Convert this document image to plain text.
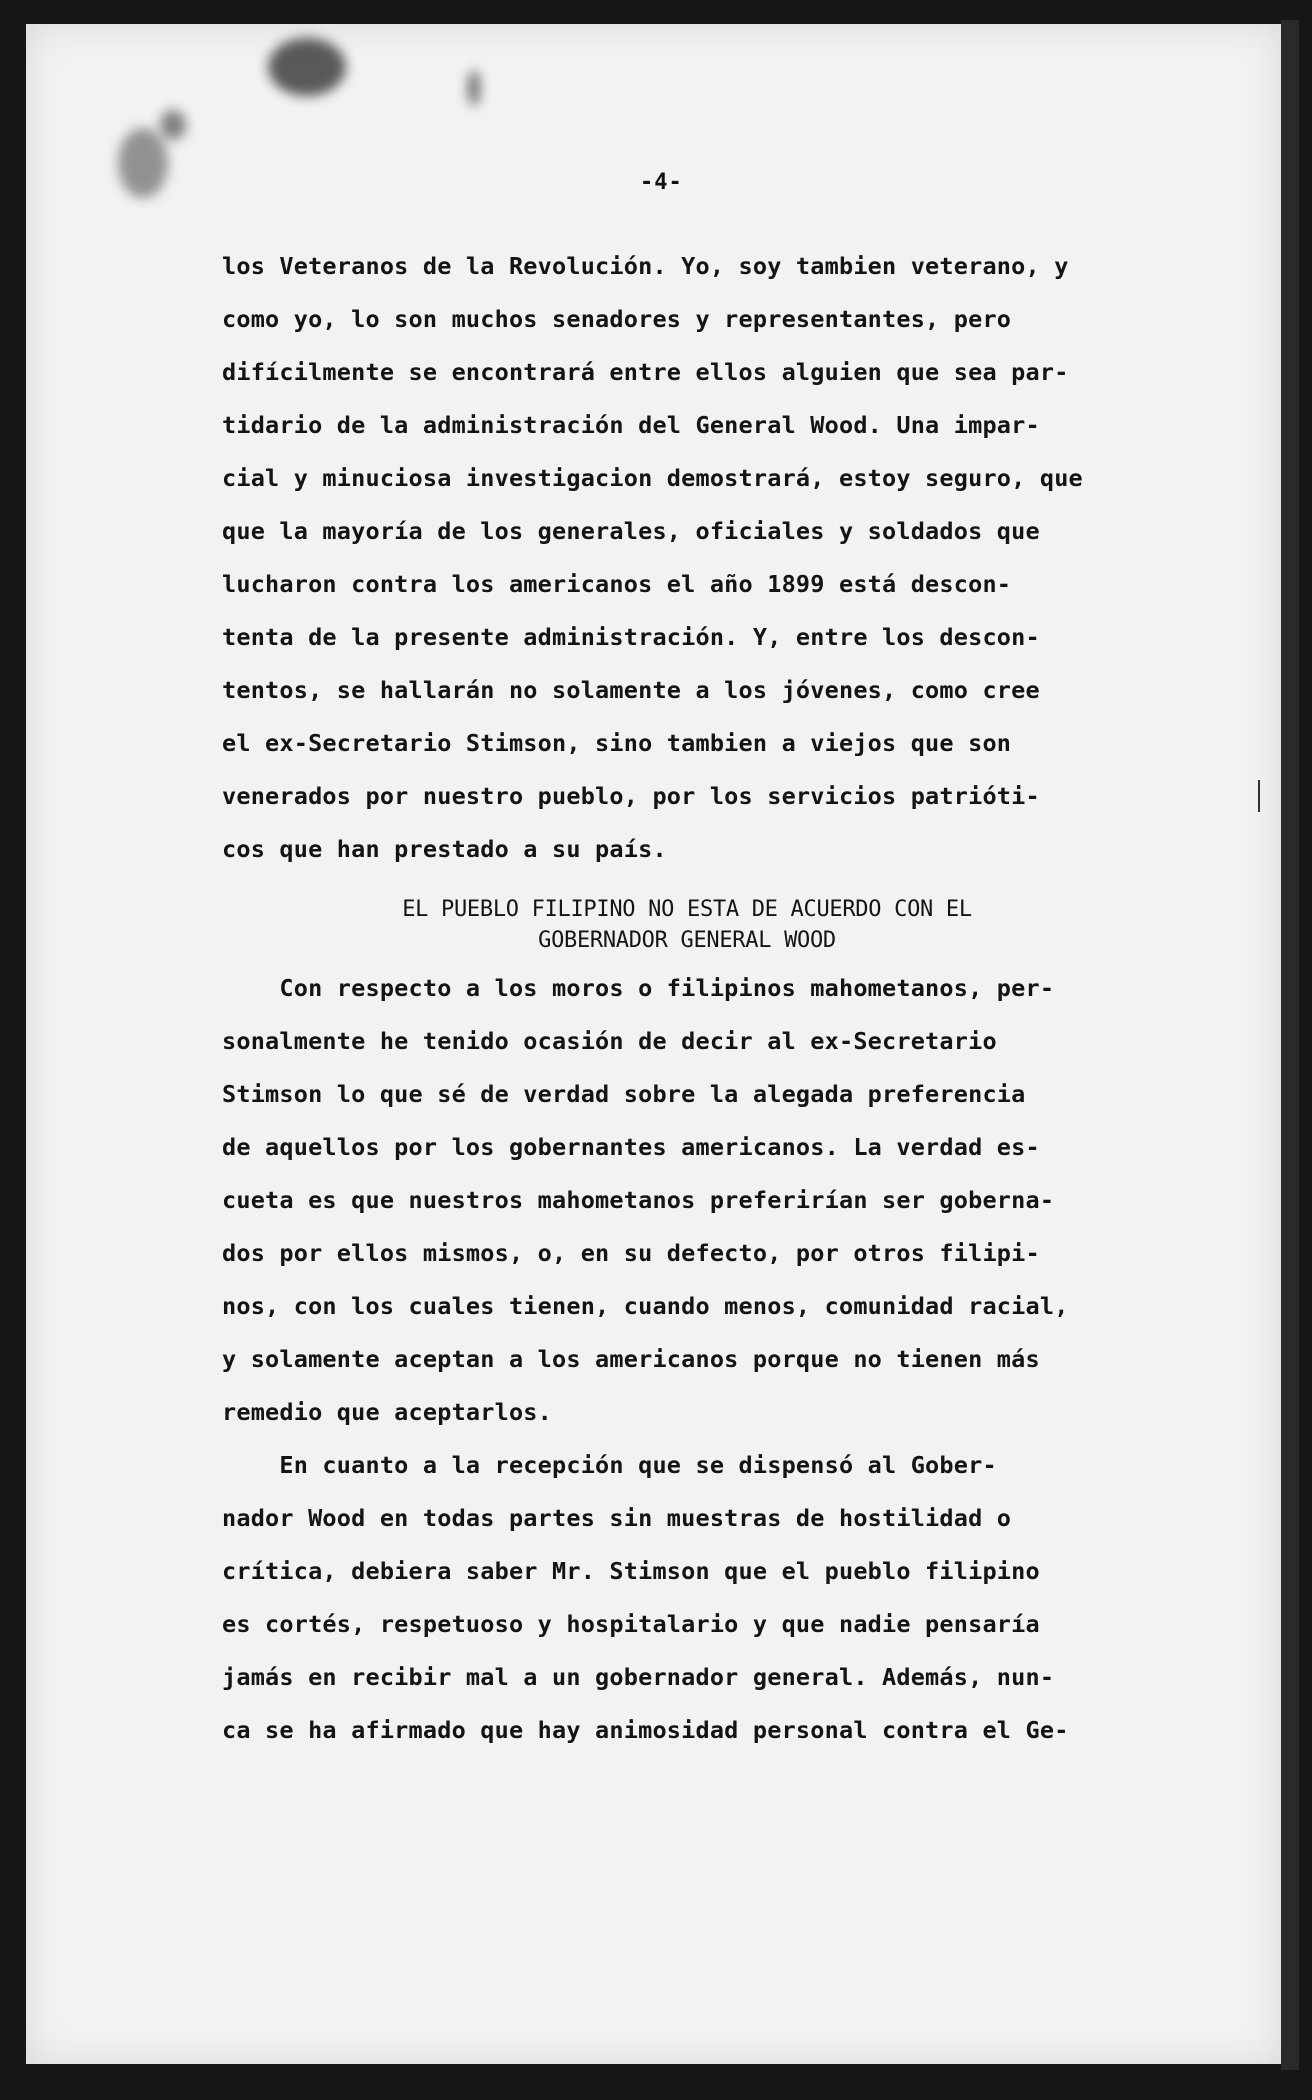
-4-
los Veteranos de la Revolución. Yo, soy tambien veterano, y
como yo, lo son muchos senadores y representantes, pero
difícilmente se encontrará entre ellos alguien que sea par-
tidario de la administración del General Wood. Una impar-
cial y minuciosa investigacion demostrará, estoy seguro, que
que la mayoría de los generales, oficiales y soldados que
lucharon contra los americanos el año 1899 está descon-
tenta de la presente administración. Y, entre los descon-
tentos, se hallarán no solamente a los jóvenes, como cree
el ex-Secretario Stimson, sino tambien a viejos que son
venerados por nuestro pueblo, por los servicios patrióti-
cos que han prestado a su país.
EL PUEBLO FILIPINO NO ESTA DE ACUERDO CON EL
GOBERNADOR GENERAL WOOD
Con respecto a los moros o filipinos mahometanos, per-
sonalmente he tenido ocasión de decir al ex-Secretario
Stimson lo que sé de verdad sobre la alegada preferencia
de aquellos por los gobernantes americanos. La verdad es-
cueta es que nuestros mahometanos preferirían ser goberna-
dos por ellos mismos, o, en su defecto, por otros filipi-
nos, con los cuales tienen, cuando menos, comunidad racial,
y solamente aceptan a los americanos porque no tienen más
remedio que aceptarlos.
En cuanto a la recepción que se dispensó al Gober-
nador Wood en todas partes sin muestras de hostilidad o
crítica, debiera saber Mr. Stimson que el pueblo filipino
es cortés, respetuoso y hospitalario y que nadie pensaría
jamás en recibir mal a un gobernador general. Además, nun-
ca se ha afirmado que hay animosidad personal contra el Ge-
